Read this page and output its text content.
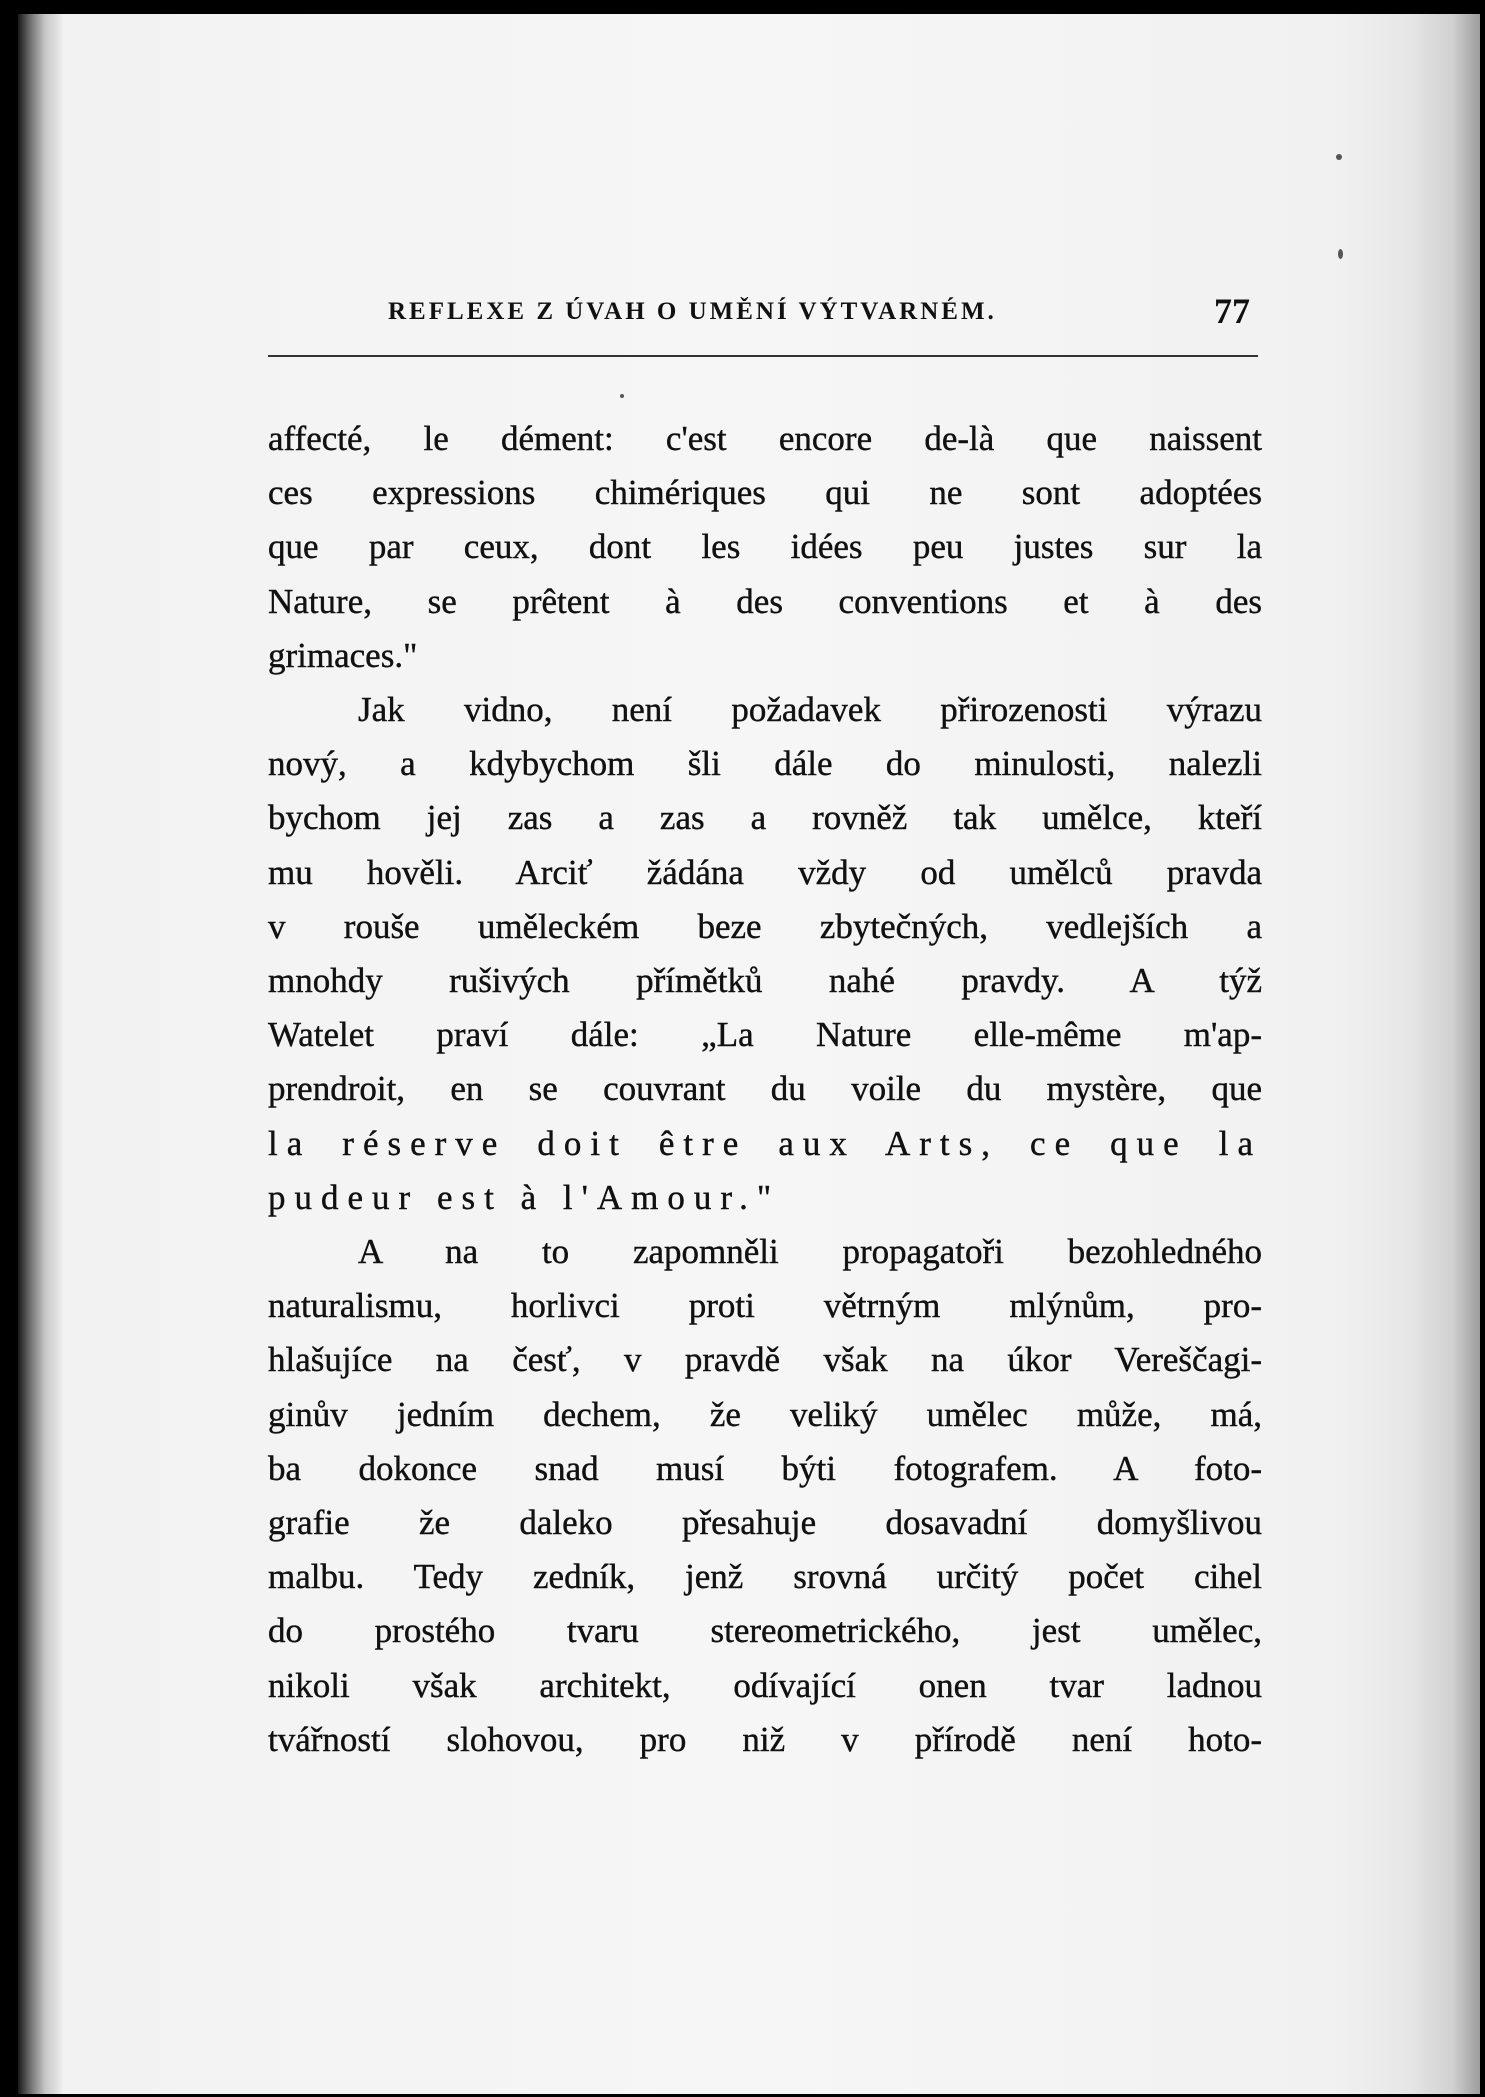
REFLEXE Z ÚVAH O UMĚNÍ VÝTVARNÉM.	77

affecté, le dément: c'est encore de-là que naissent
ces expressions chimériques qui ne sont adoptées
que par ceux, dont les idées peu justes sur la
Nature, se prêtent à des conventions et à des
grimaces."

Jak vidno, není požadavek přirozenosti výrazu
nový, a kdybychom šli dále do minulosti, nalezli
bychom jej zas a zas a rovněž tak umělce, kteří
mu hověli. Arciť žádána vždy od umělců pravda
v rouše uměleckém beze zbytečných, vedlejších a
mnohdy rušivých přímětků nahé pravdy. A týž
Watelet praví dále: „La Nature elle-même m'ap-
prendroit, en se couvrant du voile du mystère, que
la réserve doit être aux Arts, ce que la
pudeur est à l'Amour."

A na to zapomněli propagatoři bezohledného
naturalismu, horlivci proti větrným mlýnům, pro-
hlašujíce na česť, v pravdě však na úkor Vereščagi-
ginův jedním dechem, že veliký umělec může, má,
ba dokonce snad musí býti fotografem. A foto-
grafie že daleko přesahuje dosavadní domyšlivou
malbu. Tedy zedník, jenž srovná určitý počet cihel
do prostého tvaru stereometrického, jest umělec,
nikoli však architekt, odívající onen tvar ladnou
tvářností slohovou, pro niž v přírodě není hoto-
